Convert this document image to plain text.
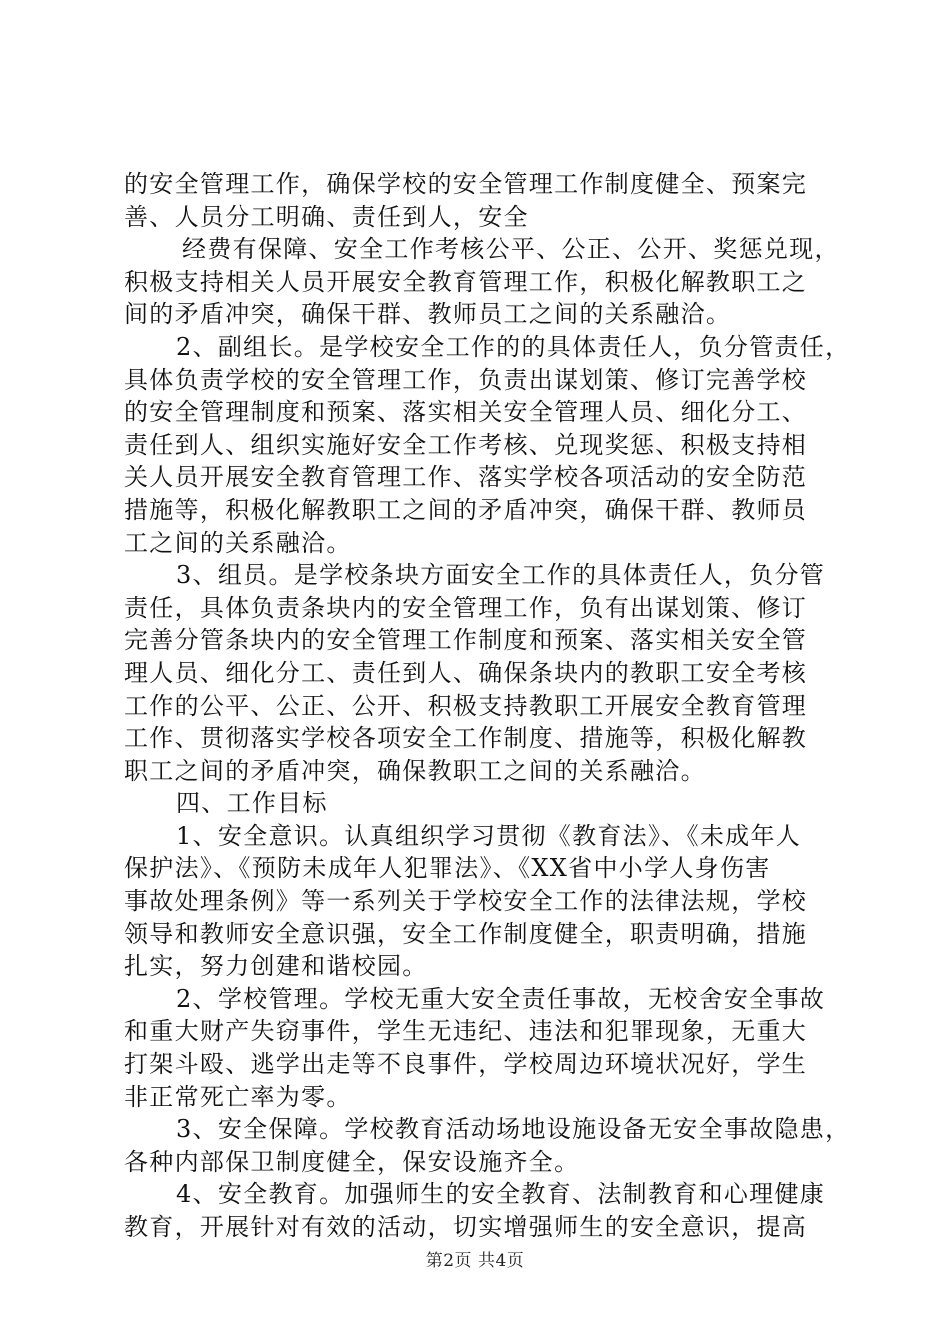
的安全管理工作，确保学校的安全管理工作制度健全、预案完
善、人员分工明确、责任到人，安全
经费有保障、安全工作考核公平、公正、公开、奖惩兑现，
积极支持相关人员开展安全教育管理工作，积极化解教职工之
间的矛盾冲突，确保干群、教师员工之间的关系融洽。
2、副组长。是学校安全工作的的具体责任人，负分管责任，
具体负责学校的安全管理工作，负责出谋划策、修订完善学校
的安全管理制度和预案、落实相关安全管理人员、细化分工、
责任到人、组织实施好安全工作考核、兑现奖惩、积极支持相
关人员开展安全教育管理工作、落实学校各项活动的安全防范
措施等，积极化解教职工之间的矛盾冲突，确保干群、教师员
工之间的关系融洽。
3、组员。是学校条块方面安全工作的具体责任人，负分管
责任，具体负责条块内的安全管理工作，负有出谋划策、修订
完善分管条块内的安全管理工作制度和预案、落实相关安全管
理人员、细化分工、责任到人、确保条块内的教职工安全考核
工作的公平、公正、公开、积极支持教职工开展安全教育管理
工作、贯彻落实学校各项安全工作制度、措施等，积极化解教
职工之间的矛盾冲突，确保教职工之间的关系融洽。
四、工作目标
1、安全意识。认真组织学习贯彻《教育法》、《未成年人
保护法》、《预防未成年人犯罪法》、《XX省中小学人身伤害
事故处理条例》等一系列关于学校安全工作的法律法规，学校
领导和教师安全意识强，安全工作制度健全，职责明确，措施
扎实，努力创建和谐校园。
2、学校管理。学校无重大安全责任事故，无校舍安全事故
和重大财产失窃事件，学生无违纪、违法和犯罪现象，无重大
打架斗殴、逃学出走等不良事件，学校周边环境状况好，学生
非正常死亡率为零。
3、安全保障。学校教育活动场地设施设备无安全事故隐患，
各种内部保卫制度健全，保安设施齐全。
4、安全教育。加强师生的安全教育、法制教育和心理健康
教育，开展针对有效的活动，切实增强师生的安全意识，提高
第2页 共4页
